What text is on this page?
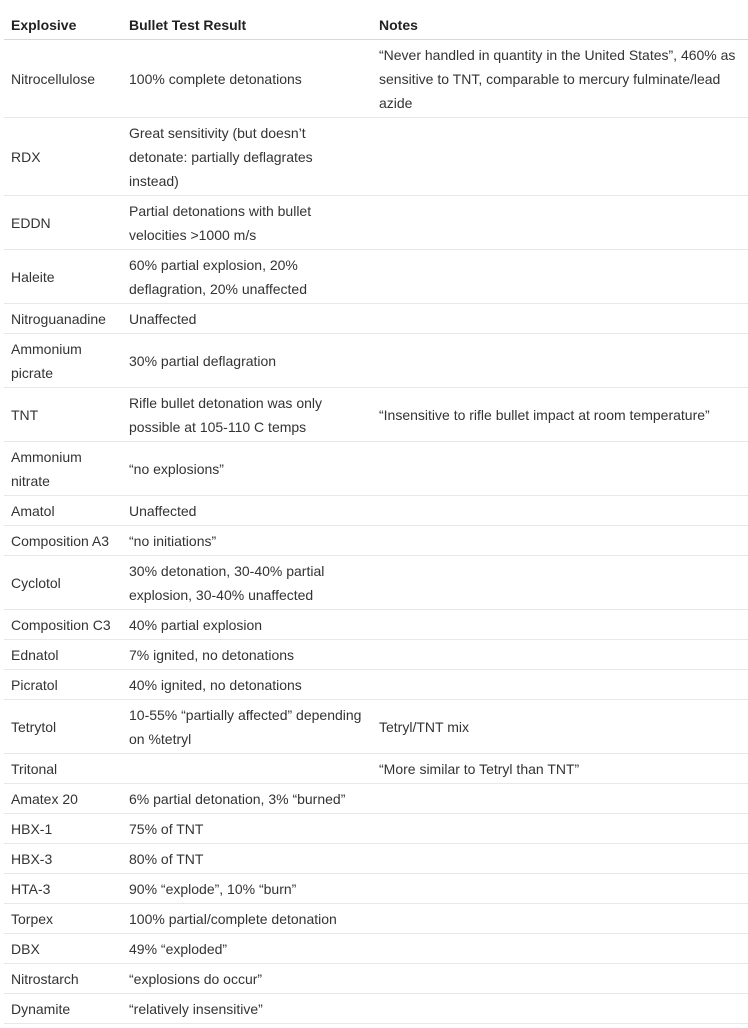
Explosive	Bullet Test Result	Notes
Nitrocellulose	100% complete detonations	“Never handled in quantity in the United States”, 460% as sensitive to TNT, comparable to mercury fulminate/lead azide
RDX	Great sensitivity (but doesn’t detonate: partially deflagrates instead)	
EDDN	Partial detonations with bullet velocities >1000 m/s	
Haleite	60% partial explosion, 20% deflagration, 20% unaffected	
Nitroguanadine	Unaffected	
Ammonium picrate	30% partial deflagration	
TNT	Rifle bullet detonation was only possible at 105-110 C temps	“Insensitive to rifle bullet impact at room temperature”
Ammonium nitrate	“no explosions”	
Amatol	Unaffected	
Composition A3	“no initiations”	
Cyclotol	30% detonation, 30-40% partial explosion, 30-40% unaffected	
Composition C3	40% partial explosion	
Ednatol	7% ignited, no detonations	
Picratol	40% ignited, no detonations	
Tetrytol	10-55% “partially affected” depending on %tetryl	Tetryl/TNT mix
Tritonal		“More similar to Tetryl than TNT”
Amatex 20	6% partial detonation, 3% “burned”	
HBX-1	75% of TNT	
HBX-3	80% of TNT	
HTA-3	90% “explode”, 10% “burn”	
Torpex	100% partial/complete detonation	
DBX	49% “exploded”	
Nitrostarch	“explosions do occur”	
Dynamite	“relatively insensitive”	
